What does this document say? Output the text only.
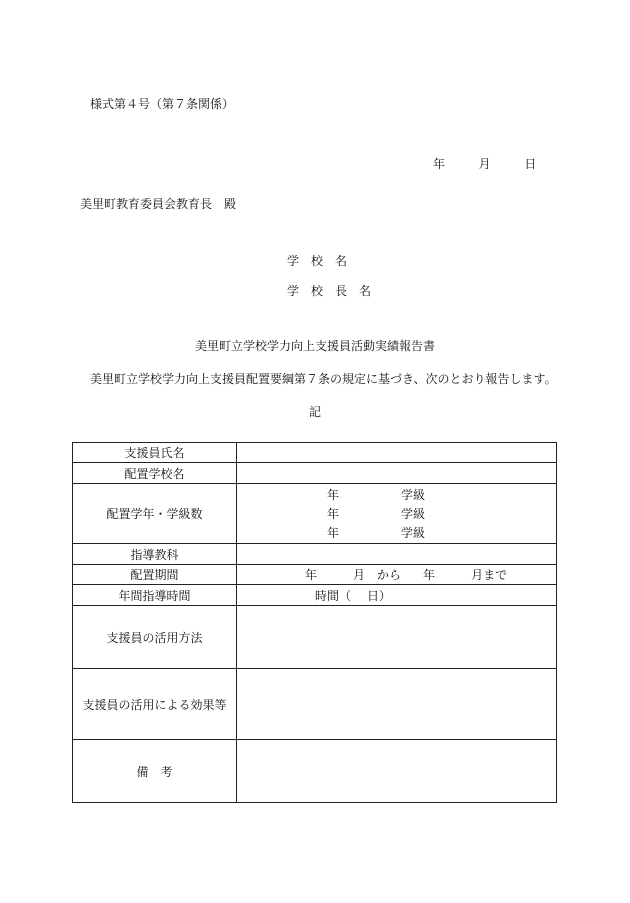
様式第４号（第７条関係）
年	月	日
美里町教育委員会教育長　殿
学　校　名
学　校　長　名
美里町立学校学力向上支援員活動実績報告書
美里町立学校学力向上支援員配置要綱第７条の規定に基づき、次のとおり報告します。
記
支援員氏名	
配置学校名	
配置学年・学級数	年 学級
年 学級
年 学級

指導教科	
配置期間	年 月 から 年 月まで
年間指導時間	時間（ 日）
支援員の活用方法	
支援員の活用による効果等	
備　考	
